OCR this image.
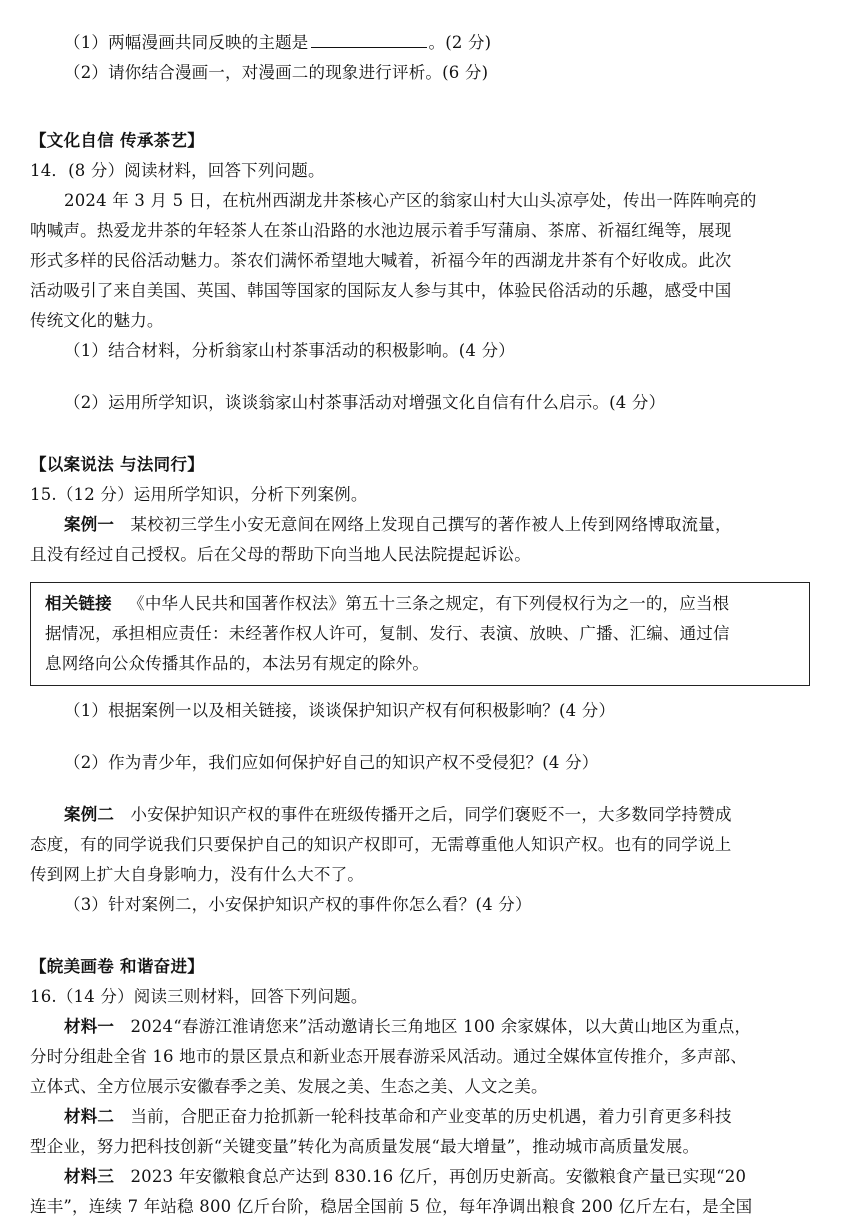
（1）两幅漫画共同反映的主题是	。(2 分)
（2）请你结合漫画一，对漫画二的现象进行评析。(6 分)
【文化自信 传承茶艺】
14．(8 分）阅读材料，回答下列问题。
2024 年 3 月 5 日，在杭州西湖龙井茶核心产区的翁家山村大山头凉亭处，传出一阵阵响亮的
呐喊声。热爱龙井茶的年轻茶人在茶山沿路的水池边展示着手写蒲扇、茶席、祈福红绳等，展现
形式多样的民俗活动魅力。茶农们满怀希望地大喊着，祈福今年的西湖龙井茶有个好收成。此次
活动吸引了来自美国、英国、韩国等国家的国际友人参与其中，体验民俗活动的乐趣，感受中国
传统文化的魅力。
（1）结合材料，分析翁家山村茶事活动的积极影响。(4 分）
（2）运用所学知识，谈谈翁家山村茶事活动对增强文化自信有什么启示。(4 分）
【以案说法 与法同行】
15.（12 分）运用所学知识，分析下列案例。
案例一 某校初三学生小安无意间在网络上发现自己撰写的著作被人上传到网络博取流量，
且没有经过自己授权。后在父母的帮助下向当地人民法院提起诉讼。
相关链接 《中华人民共和国著作权法》第五十三条之规定，有下列侵权行为之一的，应当根
据情况，承担相应责任：未经著作权人许可，复制、发行、表演、放映、广播、汇编、通过信
息网络向公众传播其作品的，本法另有规定的除外。
（1）根据案例一以及相关链接，谈谈保护知识产权有何积极影响？(4 分）
（2）作为青少年，我们应如何保护好自己的知识产权不受侵犯？(4 分）
案例二 小安保护知识产权的事件在班级传播开之后，同学们褒贬不一，大多数同学持赞成
态度，有的同学说我们只要保护自己的知识产权即可，无需尊重他人知识产权。也有的同学说上
传到网上扩大自身影响力，没有什么大不了。
（3）针对案例二，小安保护知识产权的事件你怎么看？(4 分）
【皖美画卷 和谐奋进】
16.（14 分）阅读三则材料，回答下列问题。
材料一 2024“春游江淮请您来”活动邀请长三角地区 100 余家媒体，以大黄山地区为重点，
分时分组赴全省 16 地市的景区景点和新业态开展春游采风活动。通过全媒体宣传推介，多声部、
立体式、全方位展示安徽春季之美、发展之美、生态之美、人文之美。
材料二 当前，合肥正奋力抢抓新一轮科技革命和产业变革的历史机遇，着力引育更多科技
型企业，努力把科技创新“关键变量”转化为高质量发展“最大增量”，推动城市高质量发展。
材料三 2023 年安徽粮食总产达到 830.16 亿斤，再创历史新高。安徽粮食产量已实现“20
连丰”，连续 7 年站稳 800 亿斤台阶，稳居全国前 5 位，每年净调出粮食 200 亿斤左右，是全国
